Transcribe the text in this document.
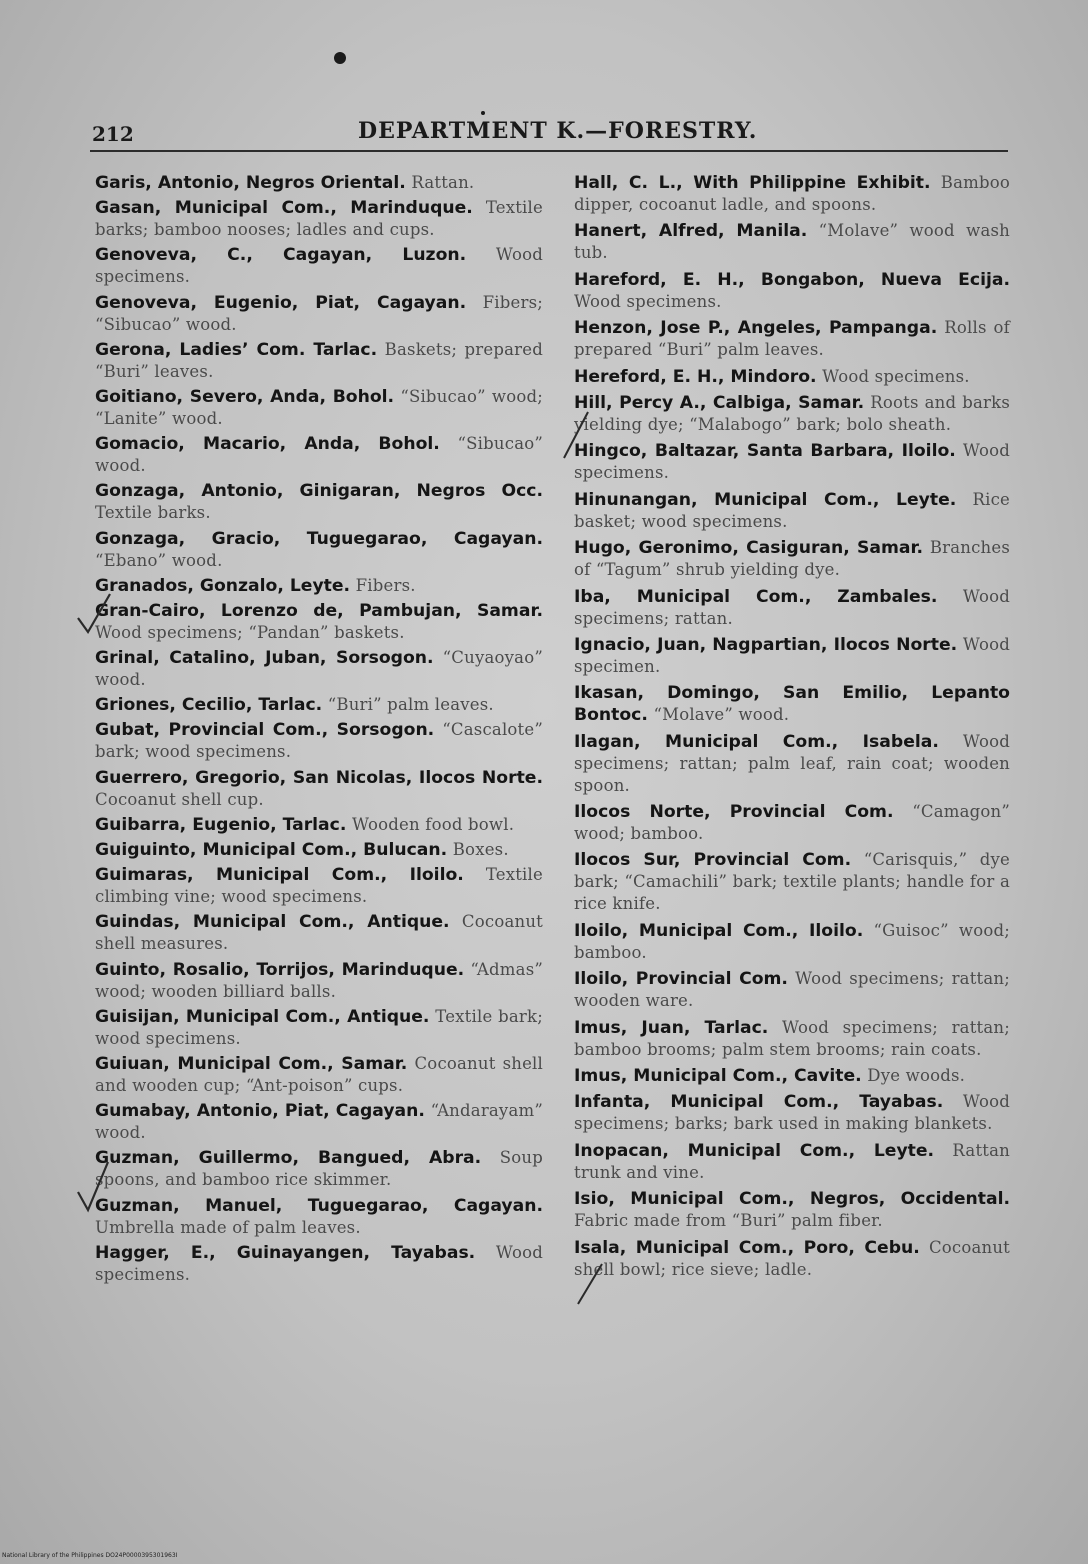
212	DEPARTMENT K.—FORESTRY.

Garis, Antonio, Negros Oriental. Rattan.

Gasan, Municipal Com., Marinduque. Textile barks; bamboo nooses; ladles and cups.

Genoveva, C., Cagayan, Luzon. Wood specimens.

Genoveva, Eugenio, Piat, Cagayan. Fibers; “Sibucao” wood.

Gerona, Ladies’ Com. Tarlac. Baskets; prepared “Buri” leaves.

Goitiano, Severo, Anda, Bohol. “Sibucao” wood; “Lanite” wood.

Gomacio, Macario, Anda, Bohol. “Sibucao” wood.

Gonzaga, Antonio, Ginigaran, Negros Occ. Textile barks.

Gonzaga, Gracio, Tuguegarao, Cagayan. “Ebano” wood.

Granados, Gonzalo, Leyte. Fibers.

Gran-Cairo, Lorenzo de, Pambujan, Samar. Wood specimens; “Pandan” baskets.

Grinal, Catalino, Juban, Sorsogon. “Cuyaoyao” wood.

Griones, Cecilio, Tarlac. “Buri” palm leaves.

Gubat, Provincial Com., Sorsogon. “Cascalote” bark; wood specimens.

Guerrero, Gregorio, San Nicolas, Ilocos Norte. Cocoanut shell cup.

Guibarra, Eugenio, Tarlac. Wooden food bowl.

Guiguinto, Municipal Com., Bulucan. Boxes.

Guimaras, Municipal Com., Iloilo. Textile climbing vine; wood specimens.

Guindas, Municipal Com., Antique. Cocoanut shell measures.

Guinto, Rosalio, Torrijos, Marinduque. “Admas” wood; wooden billiard balls.

Guisijan, Municipal Com., Antique. Textile bark; wood specimens.

Guiuan, Municipal Com., Samar. Cocoanut shell and wooden cup; “Ant-poison” cups.

Gumabay, Antonio, Piat, Cagayan. “Andarayam” wood.

Guzman, Guillermo, Bangued, Abra. Soup spoons, and bamboo rice skimmer.

Guzman, Manuel, Tuguegarao, Cagayan. Umbrella made of palm leaves.

Hagger, E., Guinayangen, Tayabas. Wood specimens.

Hall, C. L., With Philippine Exhibit. Bamboo dipper, cocoanut ladle, and spoons.

Hanert, Alfred, Manila. “Molave” wood wash tub.

Hareford, E. H., Bongabon, Nueva Ecija. Wood specimens.

Henzon, Jose P., Angeles, Pampanga. Rolls of prepared “Buri” palm leaves.

Hereford, E. H., Mindoro. Wood specimens.

Hill, Percy A., Calbiga, Samar. Roots and barks yielding dye; “Malabogo” bark; bolo sheath.

Hingco, Baltazar, Santa Barbara, Iloilo. Wood specimens.

Hinunangan, Municipal Com., Leyte. Rice basket; wood specimens.

Hugo, Geronimo, Casiguran, Samar. Branches of “Tagum” shrub yielding dye.

Iba, Municipal Com., Zambales. Wood specimens; rattan.

Ignacio, Juan, Nagpartian, Ilocos Norte. Wood specimen.

Ikasan, Domingo, San Emilio, Lepanto Bontoc. “Molave” wood.

Ilagan, Municipal Com., Isabela. Wood specimens; rattan; palm leaf, rain coat; wooden spoon.

Ilocos Norte, Provincial Com. “Camagon” wood; bamboo.

Ilocos Sur, Provincial Com. “Carisquis,” dye bark; “Camachili” bark; textile plants; handle for a rice knife.

Iloilo, Municipal Com., Iloilo. “Guisoc” wood; bamboo.

Iloilo, Provincial Com. Wood specimens; rattan; wooden ware.

Imus, Juan, Tarlac. Wood specimens; rattan; bamboo brooms; palm stem brooms; rain coats.

Imus, Municipal Com., Cavite. Dye woods.

Infanta, Municipal Com., Tayabas. Wood specimens; barks; bark used in making blankets.

Inopacan, Municipal Com., Leyte. Rattan trunk and vine.

Isio, Municipal Com., Negros, Occidental. Fabric made from “Buri” palm fiber.

Isala, Municipal Com., Poro, Cebu. Cocoanut shell bowl; rice sieve; ladle.

National Library of the Philippines DO24P0000395301963I
